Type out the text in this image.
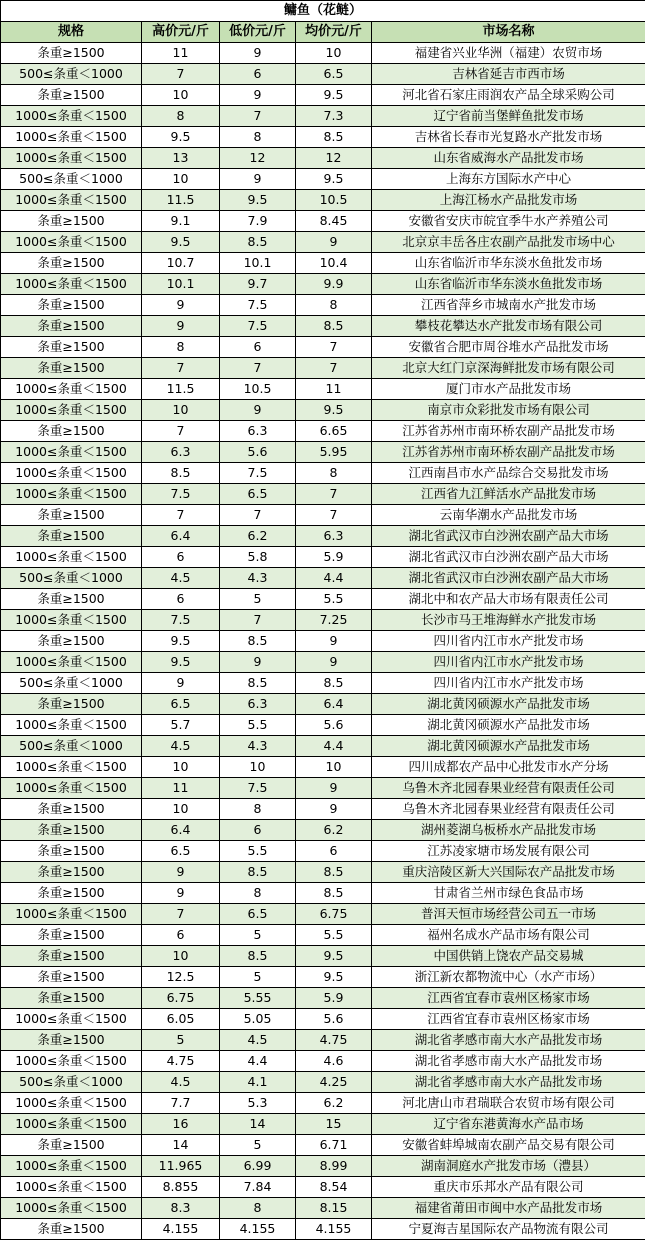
鳙鱼（花鲢）				
规格	高价元/斤	低价元/斤	均价元/斤	市场名称
条重≥1500	11	9	10	福建省兴业华洲（福建）农贸市场
500≤条重＜1000	7	6	6.5	吉林省延吉市西市场
条重≥1500	10	9	9.5	河北省石家庄雨润农产品全球采购公司
1000≤条重＜1500	8	7	7.3	辽宁省前当堡鲜鱼批发市场
1000≤条重＜1500	9.5	8	8.5	吉林省长春市光复路水产批发市场
1000≤条重＜1500	13	12	12	山东省威海水产品批发市场
500≤条重＜1000	10	9	9.5	上海东方国际水产中心
1000≤条重＜1500	11.5	9.5	10.5	上海江杨水产品批发市场
条重≥1500	9.1	7.9	8.45	安徽省安庆市皖宜季牛水产养殖公司
1000≤条重＜1500	9.5	8.5	9	北京京丰岳各庄农副产品批发市场中心
条重≥1500	10.7	10.1	10.4	山东省临沂市华东淡水鱼批发市场
1000≤条重＜1500	10.1	9.7	9.9	山东省临沂市华东淡水鱼批发市场
条重≥1500	9	7.5	8	江西省萍乡市城南水产批发市场
条重≥1500	9	7.5	8.5	攀枝花攀达水产批发市场有限公司
条重≥1500	8	6	7	安徽省合肥市周谷堆水产品批发市场
条重≥1500	7	7	7	北京大红门京深海鲜批发市场有限公司
1000≤条重＜1500	11.5	10.5	11	厦门市水产品批发市场
1000≤条重＜1500	10	9	9.5	南京市众彩批发市场有限公司
条重≥1500	7	6.3	6.65	江苏省苏州市南环桥农副产品批发市场
1000≤条重＜1500	6.3	5.6	5.95	江苏省苏州市南环桥农副产品批发市场
1000≤条重＜1500	8.5	7.5	8	江西南昌市水产品综合交易批发市场
1000≤条重＜1500	7.5	6.5	7	江西省九江鲜活水产品批发市场
条重≥1500	7	7	7	云南华潮水产品批发市场
条重≥1500	6.4	6.2	6.3	湖北省武汉市白沙洲农副产品大市场
1000≤条重＜1500	6	5.8	5.9	湖北省武汉市白沙洲农副产品大市场
500≤条重＜1000	4.5	4.3	4.4	湖北省武汉市白沙洲农副产品大市场
条重≥1500	6	5	5.5	湖北中和农产品大市场有限责任公司
1000≤条重＜1500	7.5	7	7.25	长沙市马王堆海鲜水产批发市场
条重≥1500	9.5	8.5	9	四川省内江市水产批发市场
1000≤条重＜1500	9.5	9	9	四川省内江市水产批发市场
500≤条重＜1000	9	8.5	8.5	四川省内江市水产批发市场
条重≥1500	6.5	6.3	6.4	湖北黄冈硕源水产品批发市场
1000≤条重＜1500	5.7	5.5	5.6	湖北黄冈硕源水产品批发市场
500≤条重＜1000	4.5	4.3	4.4	湖北黄冈硕源水产品批发市场
1000≤条重＜1500	10	10	10	四川成都农产品中心批发市水产分场
1000≤条重＜1500	11	7.5	9	乌鲁木齐北园春果业经营有限责任公司
条重≥1500	10	8	9	乌鲁木齐北园春果业经营有限责任公司
条重≥1500	6.4	6	6.2	湖州菱湖乌板桥水产品批发市场
条重≥1500	6.5	5.5	6	江苏凌家塘市场发展有限公司
条重≥1500	9	8.5	8.5	重庆涪陵区新大兴国际农产品批发市场
条重≥1500	9	8	8.5	甘肃省兰州市绿色食品市场
1000≤条重＜1500	7	6.5	6.75	普洱天恒市场经营公司五一市场
条重≥1500	6	5	5.5	福州名成水产品市场有限公司
条重≥1500	10	8.5	9.5	中国供销上饶农产品交易城
条重≥1500	12.5	5	9.5	浙江新农都物流中心（水产市场）
条重≥1500	6.75	5.55	5.9	江西省宜春市袁州区杨家市场
1000≤条重＜1500	6.05	5.05	5.6	江西省宜春市袁州区杨家市场
条重≥1500	5	4.5	4.75	湖北省孝感市南大水产品批发市场
1000≤条重＜1500	4.75	4.4	4.6	湖北省孝感市南大水产品批发市场
500≤条重＜1000	4.5	4.1	4.25	湖北省孝感市南大水产品批发市场
1000≤条重＜1500	7.7	5.3	6.2	河北唐山市君瑞联合农贸市场有限公司
1000≤条重＜1500	16	14	15	辽宁省东港黄海水产品市场
条重≥1500	14	5	6.71	安徽省蚌埠城南农副产品交易有限公司
1000≤条重＜1500	11.965	6.99	8.99	湖南洞庭水产批发市场（澧县）
1000≤条重＜1500	8.855	7.84	8.54	重庆市乐邦水产品有限公司
1000≤条重＜1500	8.3	8	8.15	福建省莆田市闽中水产品批发市场
条重≥1500	4.155	4.155	4.155	宁夏海吉星国际农产品物流有限公司
